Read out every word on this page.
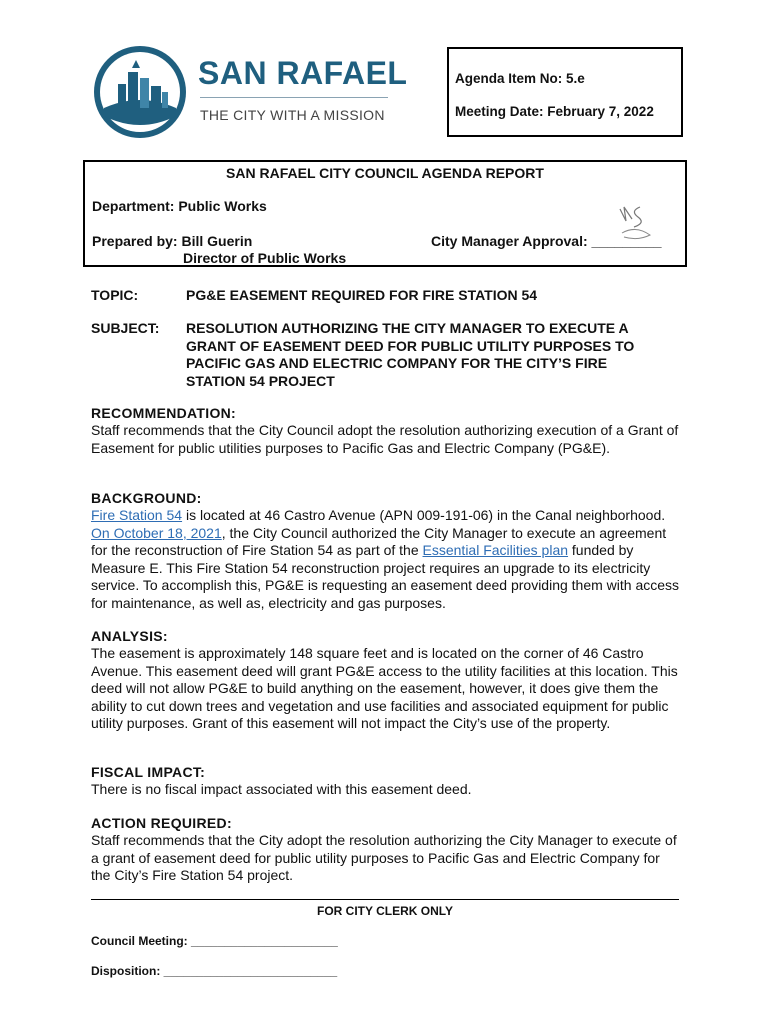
SAN RAFAEL
THE CITY WITH A MISSION
Agenda Item No: 5.e
Meeting Date: February 7, 2022
SAN RAFAEL CITY COUNCIL AGENDA REPORT
Department: Public Works
Prepared by: Bill Guerin
Director of Public Works
City Manager Approval: _________
TOPIC:	PG&E EASEMENT REQUIRED FOR FIRE STATION 54
SUBJECT: RESOLUTION AUTHORIZING THE CITY MANAGER TO EXECUTE A GRANT OF EASEMENT DEED FOR PUBLIC UTILITY PURPOSES TO PACIFIC GAS AND ELECTRIC COMPANY FOR THE CITY’S FIRE STATION 54 PROJECT
RECOMMENDATION:
Staff recommends that the City Council adopt the resolution authorizing execution of a Grant of Easement for public utilities purposes to Pacific Gas and Electric Company (PG&E).
BACKGROUND:
Fire Station 54 is located at 46 Castro Avenue (APN 009-191-06) in the Canal neighborhood. On October 18, 2021, the City Council authorized the City Manager to execute an agreement for the reconstruction of Fire Station 54 as part of the Essential Facilities plan funded by Measure E. This Fire Station 54 reconstruction project requires an upgrade to its electricity service. To accomplish this, PG&E is requesting an easement deed providing them with access for maintenance, as well as, electricity and gas purposes.
ANALYSIS:
The easement is approximately 148 square feet and is located on the corner of 46 Castro Avenue. This easement deed will grant PG&E access to the utility facilities at this location. This deed will not allow PG&E to build anything on the easement, however, it does give them the ability to cut down trees and vegetation and use facilities and associated equipment for public utility purposes. Grant of this easement will not impact the City’s use of the property.
FISCAL IMPACT:
There is no fiscal impact associated with this easement deed.
ACTION REQUIRED:
Staff recommends that the City adopt the resolution authorizing the City Manager to execute of a grant of easement deed for public utility purposes to Pacific Gas and Electric Company for the City’s Fire Station 54 project.
FOR CITY CLERK ONLY
Council Meeting: ______________________
Disposition: __________________________
